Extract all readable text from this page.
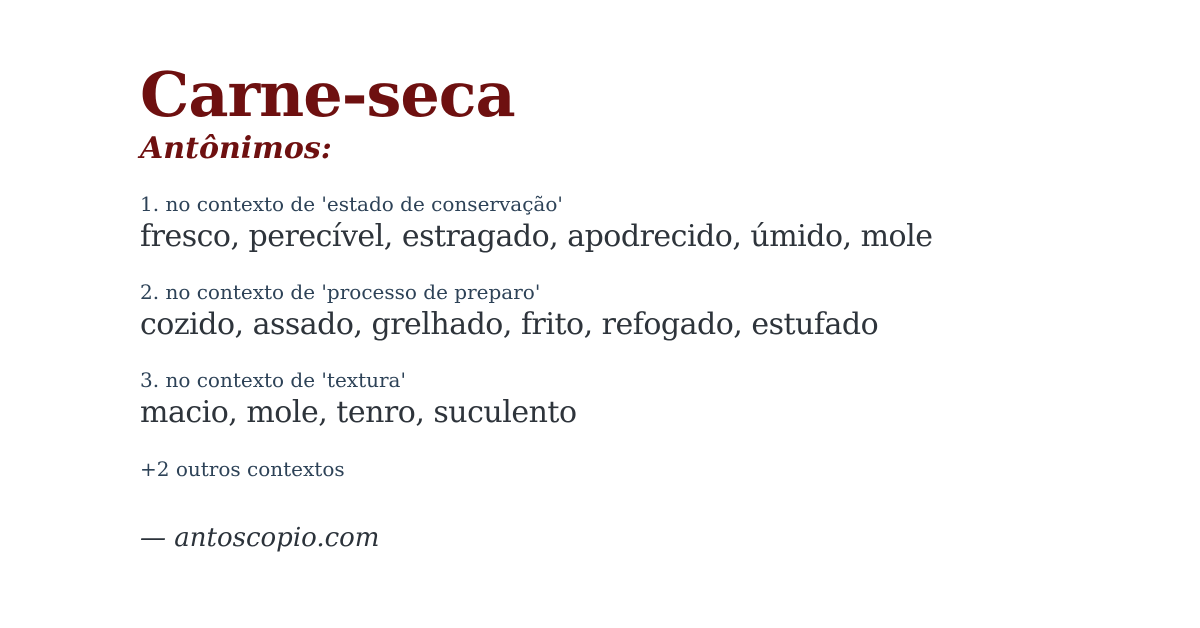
Carne-seca
Antônimos:
1. no contexto de 'estado de conservação'
fresco, perecível, estragado, apodrecido, úmido, mole
2. no contexto de 'processo de preparo'
cozido, assado, grelhado, frito, refogado, estufado
3. no contexto de 'textura'
macio, mole, tenro, suculento
+2 outros contextos
— antoscopio.com
